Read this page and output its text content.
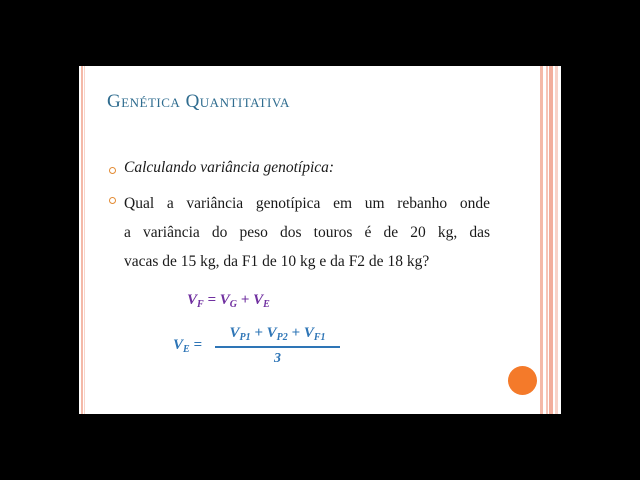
Genética Quantitativa
Calculando variância genotípica:
Qual a variância genotípica em um rebanho onde
a variância do peso dos touros é de 20 kg, das
vacas de 15 kg, da F1 de 10 kg e da F2 de 18 kg?
$V_F = V_G + V_E$
$V_E$ =
$V_{P1} + V_{P2} + V_{F1}$
3
